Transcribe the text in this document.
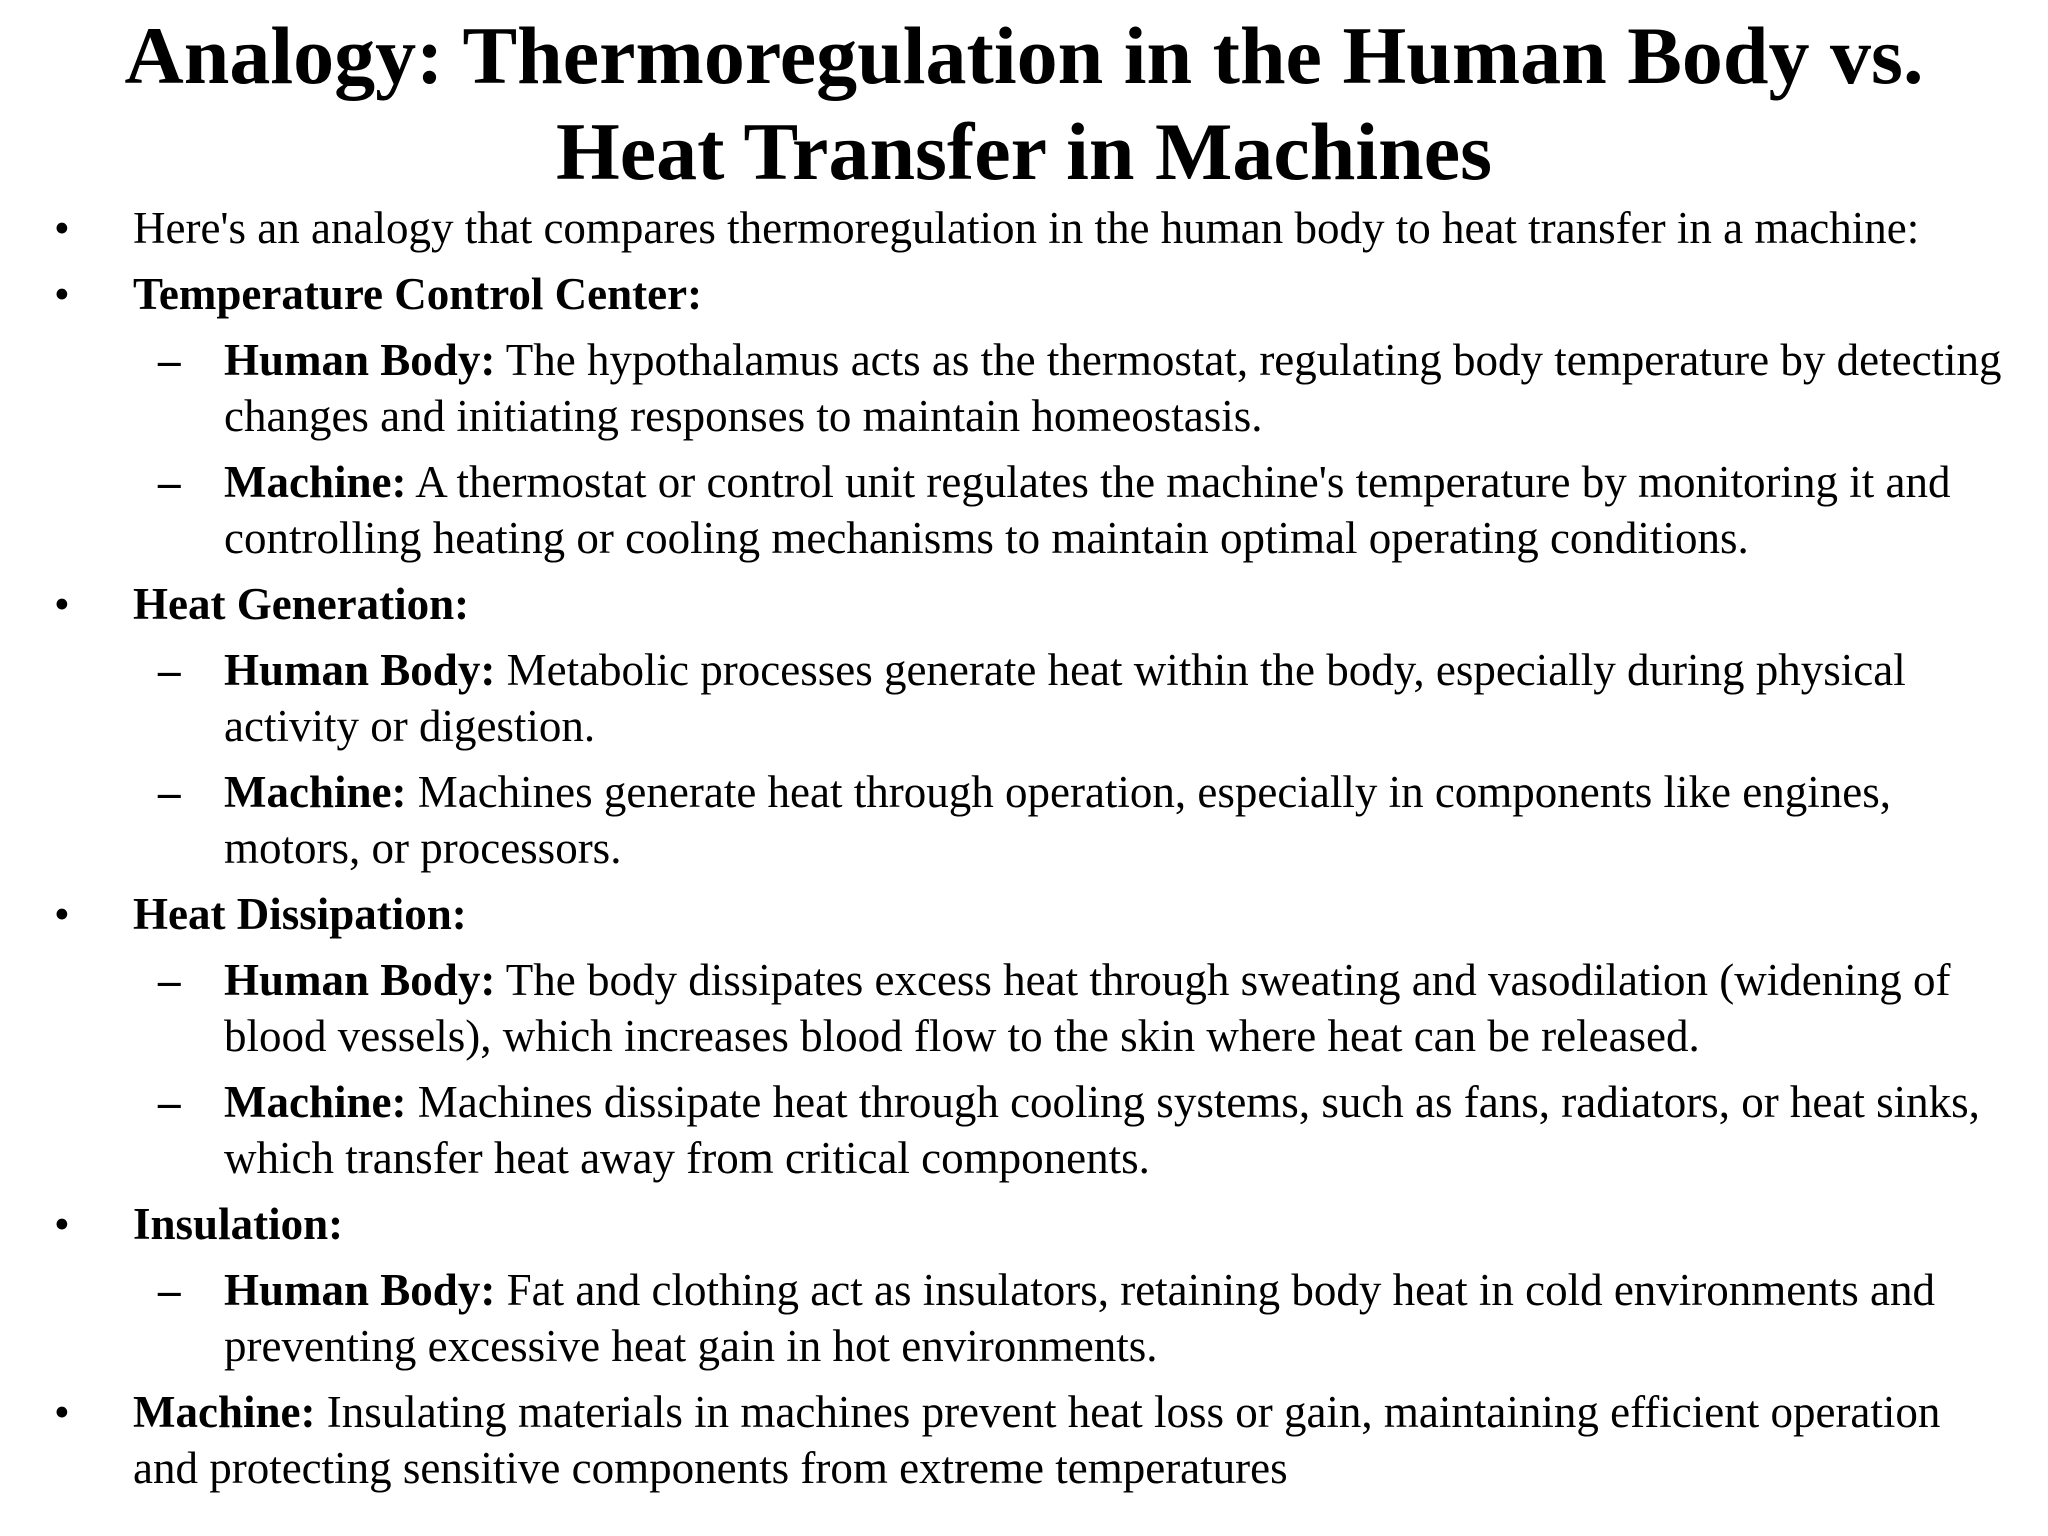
Analogy: Thermoregulation in the Human Body vs.
Heat Transfer in Machines
• Here's an analogy that compares thermoregulation in the human body to heat transfer in a machine:
• Temperature Control Center:
– Human Body: The hypothalamus acts as the thermostat, regulating body temperature by detecting changes and initiating responses to maintain homeostasis.
– Machine: A thermostat or control unit regulates the machine's temperature by monitoring it and controlling heating or cooling mechanisms to maintain optimal operating conditions.
• Heat Generation:
– Human Body: Metabolic processes generate heat within the body, especially during physical activity or digestion.
– Machine: Machines generate heat through operation, especially in components like engines, motors, or processors.
• Heat Dissipation:
– Human Body: The body dissipates excess heat through sweating and vasodilation (widening of blood vessels), which increases blood flow to the skin where heat can be released.
– Machine: Machines dissipate heat through cooling systems, such as fans, radiators, or heat sinks, which transfer heat away from critical components.
• Insulation:
– Human Body: Fat and clothing act as insulators, retaining body heat in cold environments and preventing excessive heat gain in hot environments.
• Machine: Insulating materials in machines prevent heat loss or gain, maintaining efficient operation and protecting sensitive components from extreme temperatures
